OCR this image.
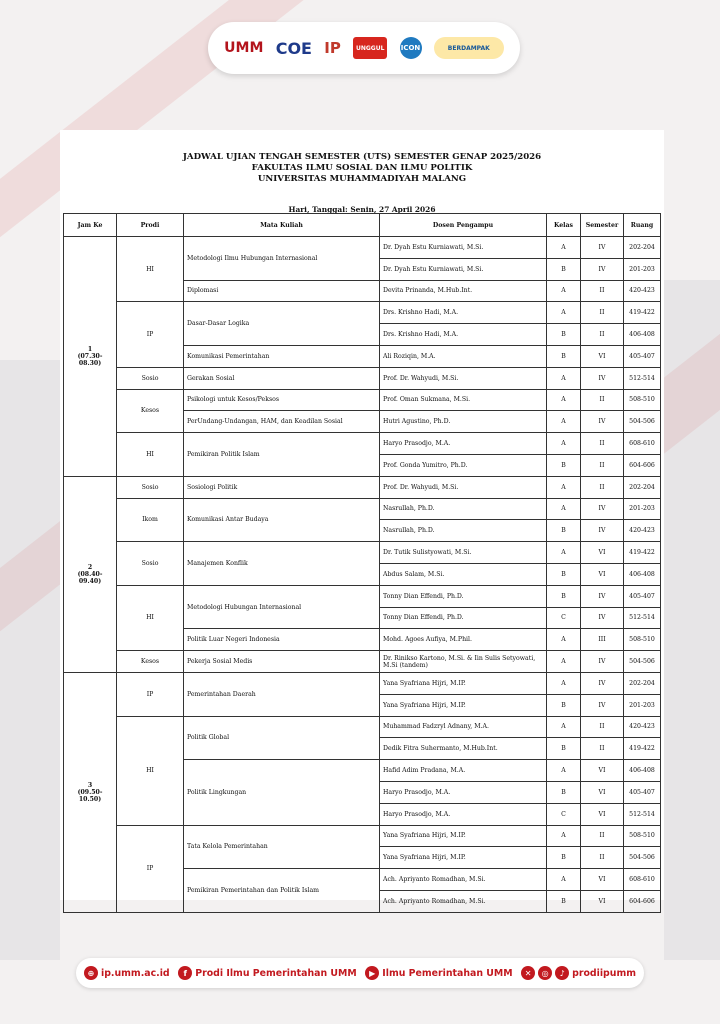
UMM COE IP	UNGGUL	ICON	BERDAMPAK
JADWAL UJIAN TENGAH SEMESTER (UTS) SEMESTER GENAP 2025/2026
FAKULTAS ILMU SOSIAL DAN ILMU POLITIK
UNIVERSITAS MUHAMMADIYAH MALANG
Hari, Tanggal: Senin, 27 April 2026
Jam Ke	Prodi	Mata Kuliah	Dosen Pengampu	Kelas	Semester	Ruang

1
(07.30-08.30)	HI	Metodologi Ilmu Hubungan Internasional	Dr. Dyah Estu Kurniawati, M.Si.	A	IV	202-204
			Dr. Dyah Estu Kurniawati, M.Si.	B	IV	201-203
		Diplomasi	Devita Prinanda, M.Hub.Int.	A	II	420-423
	IP	Dasar-Dasar Logika	Drs. Krishno Hadi, M.A.	A	II	419-422
			Drs. Krishno Hadi, M.A.	B	II	406-408
		Komunikasi Pemerintahan	Ali Roziqin, M.A.	B	VI	405-407
	Sosio	Gerakan Sosial	Prof. Dr. Wahyudi, M.Si.	A	IV	512-514
	Kesos	Psikologi untuk Kesos/Peksos	Prof. Oman Sukmana, M.Si.	A	II	508-510
		PerUndang-Undangan, HAM, dan Keadilan Sosial	Hutri Agustino, Ph.D.	A	IV	504-506
	HI	Pemikiran Politik Islam	Haryo Prasodjo, M.A.	A	II	608-610
			Prof. Gonda Yumitro, Ph.D.	B	II	604-606

2
(08.40-09.40)	Sosio	Sosiologi Politik	Prof. Dr. Wahyudi, M.Si.	A	II	202-204
	Ikom	Komunikasi Antar Budaya	Nasrullah, Ph.D.	A	IV	201-203
			Nasrullah, Ph.D.	B	IV	420-423
	Sosio	Manajemen Konflik	Dr. Tutik Sulistyowati, M.Si.	A	VI	419-422
			Abdus Salam, M.Si.	B	VI	406-408
	HI	Metodologi Hubungan Internasional	Tonny Dian Effendi, Ph.D.	B	IV	405-407
			Tonny Dian Effendi, Ph.D.	C	IV	512-514
		Politik Luar Negeri Indonesia	Mohd. Agoes Aufiya, M.Phil.	A	III	508-510
	Kesos	Pekerja Sosial Medis	Dr. Rinikso Kartono, M.Si. & Iin Sulis Setyowati, M.Si (tandem)	A	IV	504-506

3
(09.50-10.50)	IP	Pemerintahan Daerah	Yana Syafriana Hijri, M.IP.	A	IV	202-204
			Yana Syafriana Hijri, M.IP.	B	IV	201-203
	HI	Politik Global	Muhammad Fadzryl Adnany, M.A.	A	II	420-423
			Dedik Fitra Suhermanto, M.Hub.Int.	B	II	419-422
		Politik Lingkungan	Hafid Adim Pradana, M.A.	A	VI	406-408
			Haryo Prasodjo, M.A.	B	VI	405-407
			Haryo Prasodjo, M.A.	C	VI	512-514
	IP	Tata Kelola Pemerintahan	Yana Syafriana Hijri, M.IP.	A	II	508-510
			Yana Syafriana Hijri, M.IP.	B	II	504-506
		Pemikiran Pemerintahan dan Politik Islam	Ach. Apriyanto Romadhan, M.Si.	A	VI	608-610
			Ach. Apriyanto Romadhan, M.Si.	B	VI	604-606
⊕ ip.umm.ac.id	f Prodi Ilmu Pemerintahan UMM	▶ Ilmu Pemerintahan UMM	✕	◎	♪ prodiipumm
